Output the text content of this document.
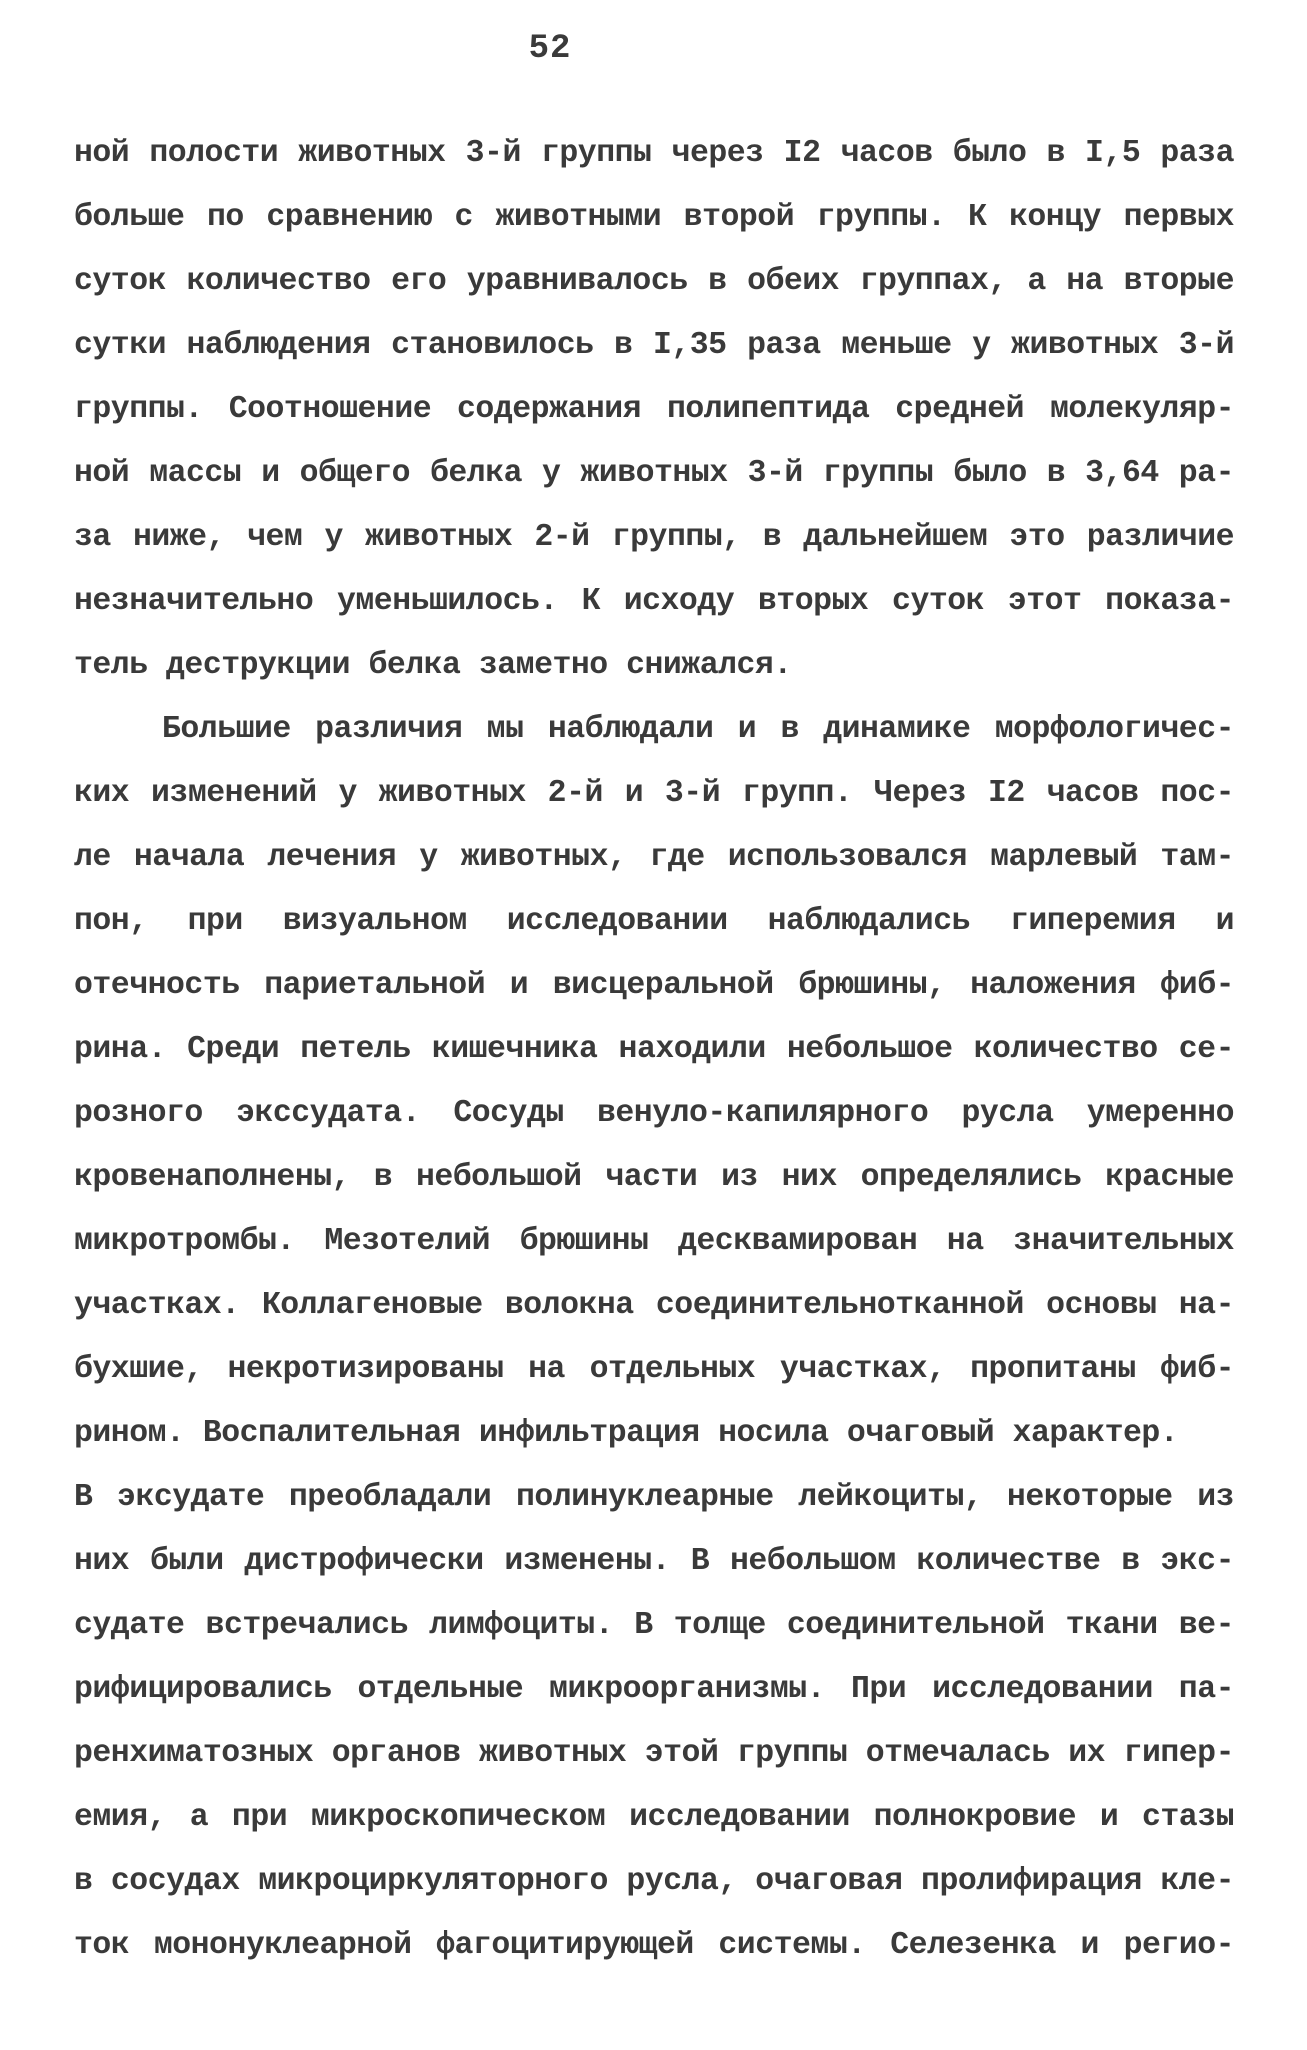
52
ной полости животных 3-й группы через I2 часов было в I,5 раза
больше по сравнению с животными второй группы. К концу первых
суток количество его уравнивалось в обеих группах, а на вторые
сутки наблюдения становилось в I,35 раза меньше у животных 3-й
группы. Соотношение содержания полипептида средней молекуляр-
ной массы и общего белка у животных 3-й группы было в 3,64 ра-
за ниже, чем у животных 2-й группы, в дальнейшем это различие
незначительно уменьшилось. К исходу вторых суток этот показа-
тель деструкции белка заметно снижался.
Большие различия мы наблюдали и в динамике морфологичес-
ких изменений у животных 2-й и 3-й групп. Через I2 часов пос-
ле начала лечения у животных, где использовался марлевый там-
пон, при визуальном исследовании наблюдались гиперемия и
отечность париетальной и висцеральной брюшины, наложения фиб-
рина. Среди петель кишечника находили небольшое количество се-
розного экссудата. Сосуды венуло-капилярного русла умеренно
кровенаполнены, в небольшой части из них определялись красные
микротромбы. Мезотелий брюшины десквамирован на значительных
участках. Коллагеновые волокна соединительнотканной основы на-
бухшие, некротизированы на отдельных участках, пропитаны фиб-
рином. Воспалительная инфильтрация носила очаговый характер.
В эксудате преобладали полинуклеарные лейкоциты, некоторые из
них были дистрофически изменены. В небольшом количестве в экс-
судате встречались лимфоциты. В толще соединительной ткани ве-
рифицировались отдельные микроорганизмы. При исследовании па-
ренхиматозных органов животных этой группы отмечалась их гипер-
емия, а при микроскопическом исследовании полнокровие и стазы
в сосудах микроциркуляторного русла, очаговая пролифирация кле-
ток мононуклеарной фагоцитирующей системы. Селезенка и регио-
